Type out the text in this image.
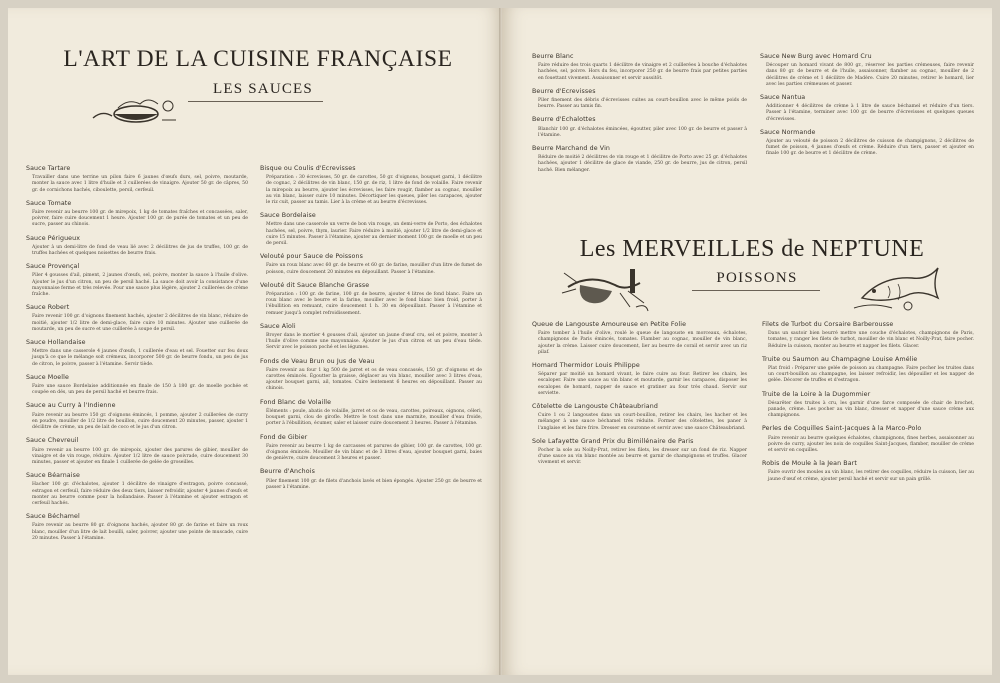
L'ART DE LA CUISINE FRANÇAISE
LES SAUCES
Sauce Tartare
Travailler dans une terrine un pilon faire 6 jaunes d'œufs durs, sel, poivre, moutarde, monter la sauce avec 1 litre d'huile et 3 cuillerées de vinaigre. Ajouter 50 gr. de câpres, 50 gr. de cornichons hachés, ciboulette, persil, cerfeuil.
Sauce Tomate
Faire revenir au beurre 100 gr. de mirepoix, 1 kg de tomates fraîches et concassées, saler, poivrer, faire cuire doucement 1 heure. Ajouter 100 gr. de purée de tomates et un peu de sucre, passer au chinois.
Sauce Périgueux
Ajouter à un demi-litre de fond de veau lié avec 2 décilitres de jus de truffes, 100 gr. de truffes hachées et quelques noisettes de beurre frais.
Sauce Provençal
Piler 4 gousses d'ail, piment, 2 jaunes d'œufs, sel, poivre, monter la sauce à l'huile d'olive. Ajouter le jus d'un citron, un peu de persil haché. La sauce doit avoir la consistance d'une mayonnaise ferme et très relevée. Pour une sauce plus légère, ajouter 2 cuillerées de crème fraîche.
Sauce Robert
Faire revenir 100 gr. d'oignons finement hachés, ajouter 2 décilitres de vin blanc, réduire de moitié, ajouter 1/2 litre de demi-glace, faire cuire 10 minutes. Ajouter une cuillerée de moutarde, un peu de sucre et une cuillerée à soupe de persil.
Sauce Hollandaise
Mettre dans une casserole 4 jaunes d'œufs, 1 cuillerée d'eau et sel. Fouetter sur feu doux jusqu'à ce que le mélange soit crémeux, incorporer 500 gr. de beurre fondu, un peu de jus de citron, le poivre, passer à l'étamine. Servir tiède.
Sauce Moelle
Faire une sauce Bordelaise additionnée en finale de 150 à 180 gr. de moelle pochée et coupée en dés, un peu de persil haché et beurre frais.
Sauce au Curry à l'Indienne
Faire revenir au beurre 150 gr. d'oignons émincés, 1 pomme, ajouter 2 cuillerées de curry en poudre, mouiller de 1/2 litre de bouillon, cuire doucement 20 minutes, passer, ajouter 1 décilitre de crème, un peu de lait de coco et le jus d'un citron.
Sauce Chevreuil
Faire revenir au beurre 100 gr. de mirepoix, ajouter des parures de gibier, mouiller de vinaigre et de vin rouge, réduire. Ajouter 1/2 litre de sauce poivrade, cuire doucement 30 minutes, passer et ajouter en finale 1 cuillerée de gelée de groseilles.
Sauce Béarnaise
Hacher 100 gr. d'échalotes, ajouter 1 décilitre de vinaigre d'estragon, poivre concassé, estragon et cerfeuil, faire réduire des deux tiers, laisser refroidir, ajouter 4 jaunes d'œufs et monter au beurre comme pour la hollandaise. Passer à l'étamine et ajouter estragon et cerfeuil hachés.
Sauce Béchamel
Faire revenir au beurre 80 gr. d'oignons hachés, ajouter 80 gr. de farine et faire un roux blanc, mouiller d'un litre de lait bouilli, saler, poivrer, ajouter une pointe de muscade, cuire 20 minutes. Passer à l'étamine.
Bisque ou Coulis d'Ecrevisses
Préparation : 30 écrevisses, 50 gr. de carottes, 50 gr. d'oignons, bouquet garni, 1 décilitre de cognac, 2 décilitres de vin blanc, 150 gr. de riz, 1 litre de fond de volaille. Faire revenir la mirepoix au beurre, ajouter les écrevisses, les faire rougir, flamber au cognac, mouiller au vin blanc, laisser cuire 10 minutes. Décortiquer les queues, piler les carapaces, ajouter le riz cuit, passer au tamis. Lier à la crème et au beurre d'écrevisses.
Sauce Bordelaise
Mettre dans une casserole un verre de bon vin rouge, un demi-verre de Porto, des échalotes hachées, sel, poivre, thym, laurier. Faire réduire à moitié, ajouter 1/2 litre de demi-glace et cuire 15 minutes. Passer à l'étamine, ajouter au dernier moment 100 gr. de moelle et un peu de persil.
Velouté pour Sauce de Poissons
Faire un roux blanc avec 60 gr. de beurre et 60 gr. de farine, mouiller d'un litre de fumet de poisson, cuire doucement 20 minutes en dépouillant. Passer à l'étamine.
Velouté dit Sauce Blanche Grasse
Préparation : 100 gr. de farine, 100 gr. de beurre, ajouter 4 litres de fond blanc. Faire un roux blanc avec le beurre et la farine, mouiller avec le fond blanc bien froid, porter à l'ébullition en remuant, cuire doucement 1 h. 30 en dépouillant. Passer à l'étamine et remuer jusqu'à complet refroidissement.
Sauce Aïoli
Broyer dans le mortier 4 gousses d'ail, ajouter un jaune d'œuf cru, sel et poivre, monter à l'huile d'olive comme une mayonnaise. Ajouter le jus d'un citron et un peu d'eau tiède. Servir avec le poisson poché et les légumes.
Fonds de Veau Brun ou Jus de Veau
Faire revenir au four 1 kg 500 de jarret et os de veau concassés, 150 gr. d'oignons et de carottes émincés. Égoutter la graisse, déglacer au vin blanc, mouiller avec 3 litres d'eau, ajouter bouquet garni, ail, tomates. Cuire lentement 6 heures en dépouillant. Passer au chinois.
Fond Blanc de Volaille
Éléments : poule, abatis de volaille, jarret et os de veau, carottes, poireaux, oignons, céleri, bouquet garni, clou de girofle. Mettre le tout dans une marmite, mouiller d'eau froide, porter à l'ébullition, écumer, saler et laisser cuire doucement 3 heures. Passer à l'étamine.
Fond de Gibier
Faire revenir au beurre 1 kg de carcasses et parures de gibier, 100 gr. de carottes, 100 gr. d'oignons émincés. Mouiller de vin blanc et de 3 litres d'eau, ajouter bouquet garni, baies de genièvre, cuire doucement 3 heures et passer.
Beurre d'Anchois
Piler finement 100 gr. de filets d'anchois lavés et bien épongés. Ajouter 250 gr. de beurre et passer à l'étamine.
Beurre Blanc
Faire réduire des trois quarts 1 décilitre de vinaigre et 2 cuillerées à bouche d'échalotes hachées, sel, poivre. Hors du feu, incorporer 250 gr. de beurre frais par petites parties en fouettant vivement. Assaisonner et servir aussitôt.
Beurre d'Ecrevisses
Piler finement des débris d'écrevisses cuites au court-bouillon avec le même poids de beurre. Passer au tamis fin.
Beurre d'Echalottes
Blanchir 100 gr. d'échalotes émincées, égoutter, piler avec 100 gr. de beurre et passer à l'étamine.
Beurre Marchand de Vin
Réduire de moitié 2 décilitres de vin rouge et 1 décilitre de Porto avec 25 gr. d'échalotes hachées, ajouter 1 décilitre de glace de viande, 250 gr. de beurre, jus de citron, persil haché. Bien mélanger.
Sauce New Burg avec Homard Cru
Découper un homard vivant de 800 gr., réserver les parties crémeuses, faire revenir dans 80 gr. de beurre et de l'huile, assaisonner, flamber au cognac, mouiller de 2 décilitres de crème et 1 décilitre de Madère. Cuire 20 minutes, retirer le homard, lier avec les parties crémeuses et passer.
Sauce Nantua
Additionner 4 décilitres de crème à 1 litre de sauce béchamel et réduire d'un tiers. Passer à l'étamine, terminer avec 100 gr. de beurre d'écrevisses et quelques queues d'écrevisses.
Sauce Normande
Ajouter au velouté de poisson 2 décilitres de cuisson de champignons, 2 décilitres de fumet de poisson, 4 jaunes d'œufs et crème. Réduire d'un tiers, passer et ajouter en finale 100 gr. de beurre et 1 décilitre de crème.
Les MERVEILLES de NEPTUNE
POISSONS
Queue de Langouste Amoureuse en Petite Folie
Faire tomber à l'huile d'olive, roulé le queue de langouste en morceaux, échalotes, champignons de Paris émincés, tomates. Flamber au cognac, mouiller de vin blanc, ajouter la crème. Laisser cuire doucement, lier au beurre de corail et servir avec un riz pilaf.
Homard Thermidor Louis Philippe
Séparer par moitié un homard vivant, le faire cuire au four. Retirer les chairs, les escaloper. Faire une sauce au vin blanc et moutarde, garnir les carapaces, disposer les escalopes de homard, napper de sauce et gratiner au four très chaud. Servir sur serviette.
Côtelette de Langouste Châteaubriand
Cuire 1 ou 2 langoustes dans un court-bouillon, retirer les chairs, les hacher et les mélanger à une sauce béchamel très réduite. Former des côtelettes, les paner à l'anglaise et les faire frire. Dresser en couronne et servir avec une sauce Châteaubriand.
Sole Lafayette Grand Prix du Bimillénaire de Paris
Pocher la sole au Noilly-Prat, retirer les filets, les dresser sur un fond de riz. Napper d'une sauce au vin blanc montée au beurre et garnir de champignons et truffes. Glacer vivement et servir.
Filets de Turbot du Corsaire Barberousse
Dans un sautoir bien beurré mettre une couche d'échalotes, champignons de Paris, tomates, y ranger les filets de turbot, mouiller de vin blanc et Noilly-Prat, faire pocher. Réduire la cuisson, monter au beurre et napper les filets. Glacer.
Truite ou Saumon au Champagne Louise Amélie
Plat froid : Préparer une gelée de poisson au champagne. Faire pocher les truites dans un court-bouillon au champagne, les laisser refroidir, les dépouiller et les napper de gelée. Décorer de truffes et d'estragon.
Truite de la Loire à la Dugommier
Désarêter des truites à cru, les garnir d'une farce composée de chair de brochet, panade, crème. Les pocher au vin blanc, dresser et napper d'une sauce crème aux champignons.
Perles de Coquilles Saint-Jacques à la Marco-Polo
Faire revenir au beurre quelques échalotes, champignons, fines herbes, assaisonner au poivre de curry, ajouter les noix de coquilles Saint-Jacques, flamber, mouiller de crème et servir en coquilles.
Robis de Moule à la Jean Bart
Faire ouvrir des moules au vin blanc, les retirer des coquilles, réduire la cuisson, lier au jaune d'œuf et crème, ajouter persil haché et servir sur un pain grillé.
